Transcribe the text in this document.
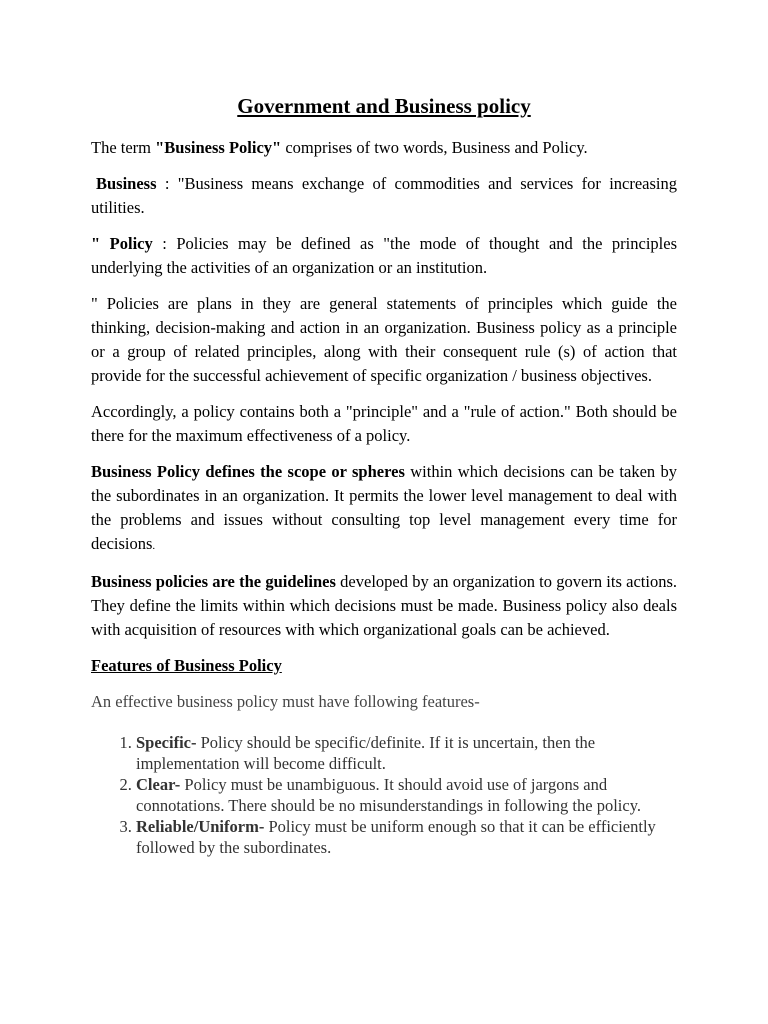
Government and Business policy

The term "Business Policy" comprises of two words, Business and Policy.

Business : "Business means exchange of commodities and services for increasing utilities.

" Policy : Policies may be defined as "the mode of thought and the principles underlying the activities of an organization or an institution.

" Policies are plans in they are general statements of principles which guide the thinking, decision-making and action in an organization. Business policy as a principle or a group of related principles, along with their consequent rule (s) of action that provide for the successful achievement of specific organization / business objectives.

Accordingly, a policy contains both a "principle" and a "rule of action." Both should be there for the maximum effectiveness of a policy.

Business Policy defines the scope or spheres within which decisions can be taken by the subordinates in an organization. It permits the lower level management to deal with the problems and issues without consulting top level management every time for decisions.

Business policies are the guidelines developed by an organization to govern its actions. They define the limits within which decisions must be made. Business policy also deals with acquisition of resources with which organizational goals can be achieved.

Features of Business Policy

An effective business policy must have following features-

1. Specific- Policy should be specific/definite. If it is uncertain, then the implementation will become difficult.
2. Clear- Policy must be unambiguous. It should avoid use of jargons and connotations. There should be no misunderstandings in following the policy.
3. Reliable/Uniform- Policy must be uniform enough so that it can be efficiently followed by the subordinates.
